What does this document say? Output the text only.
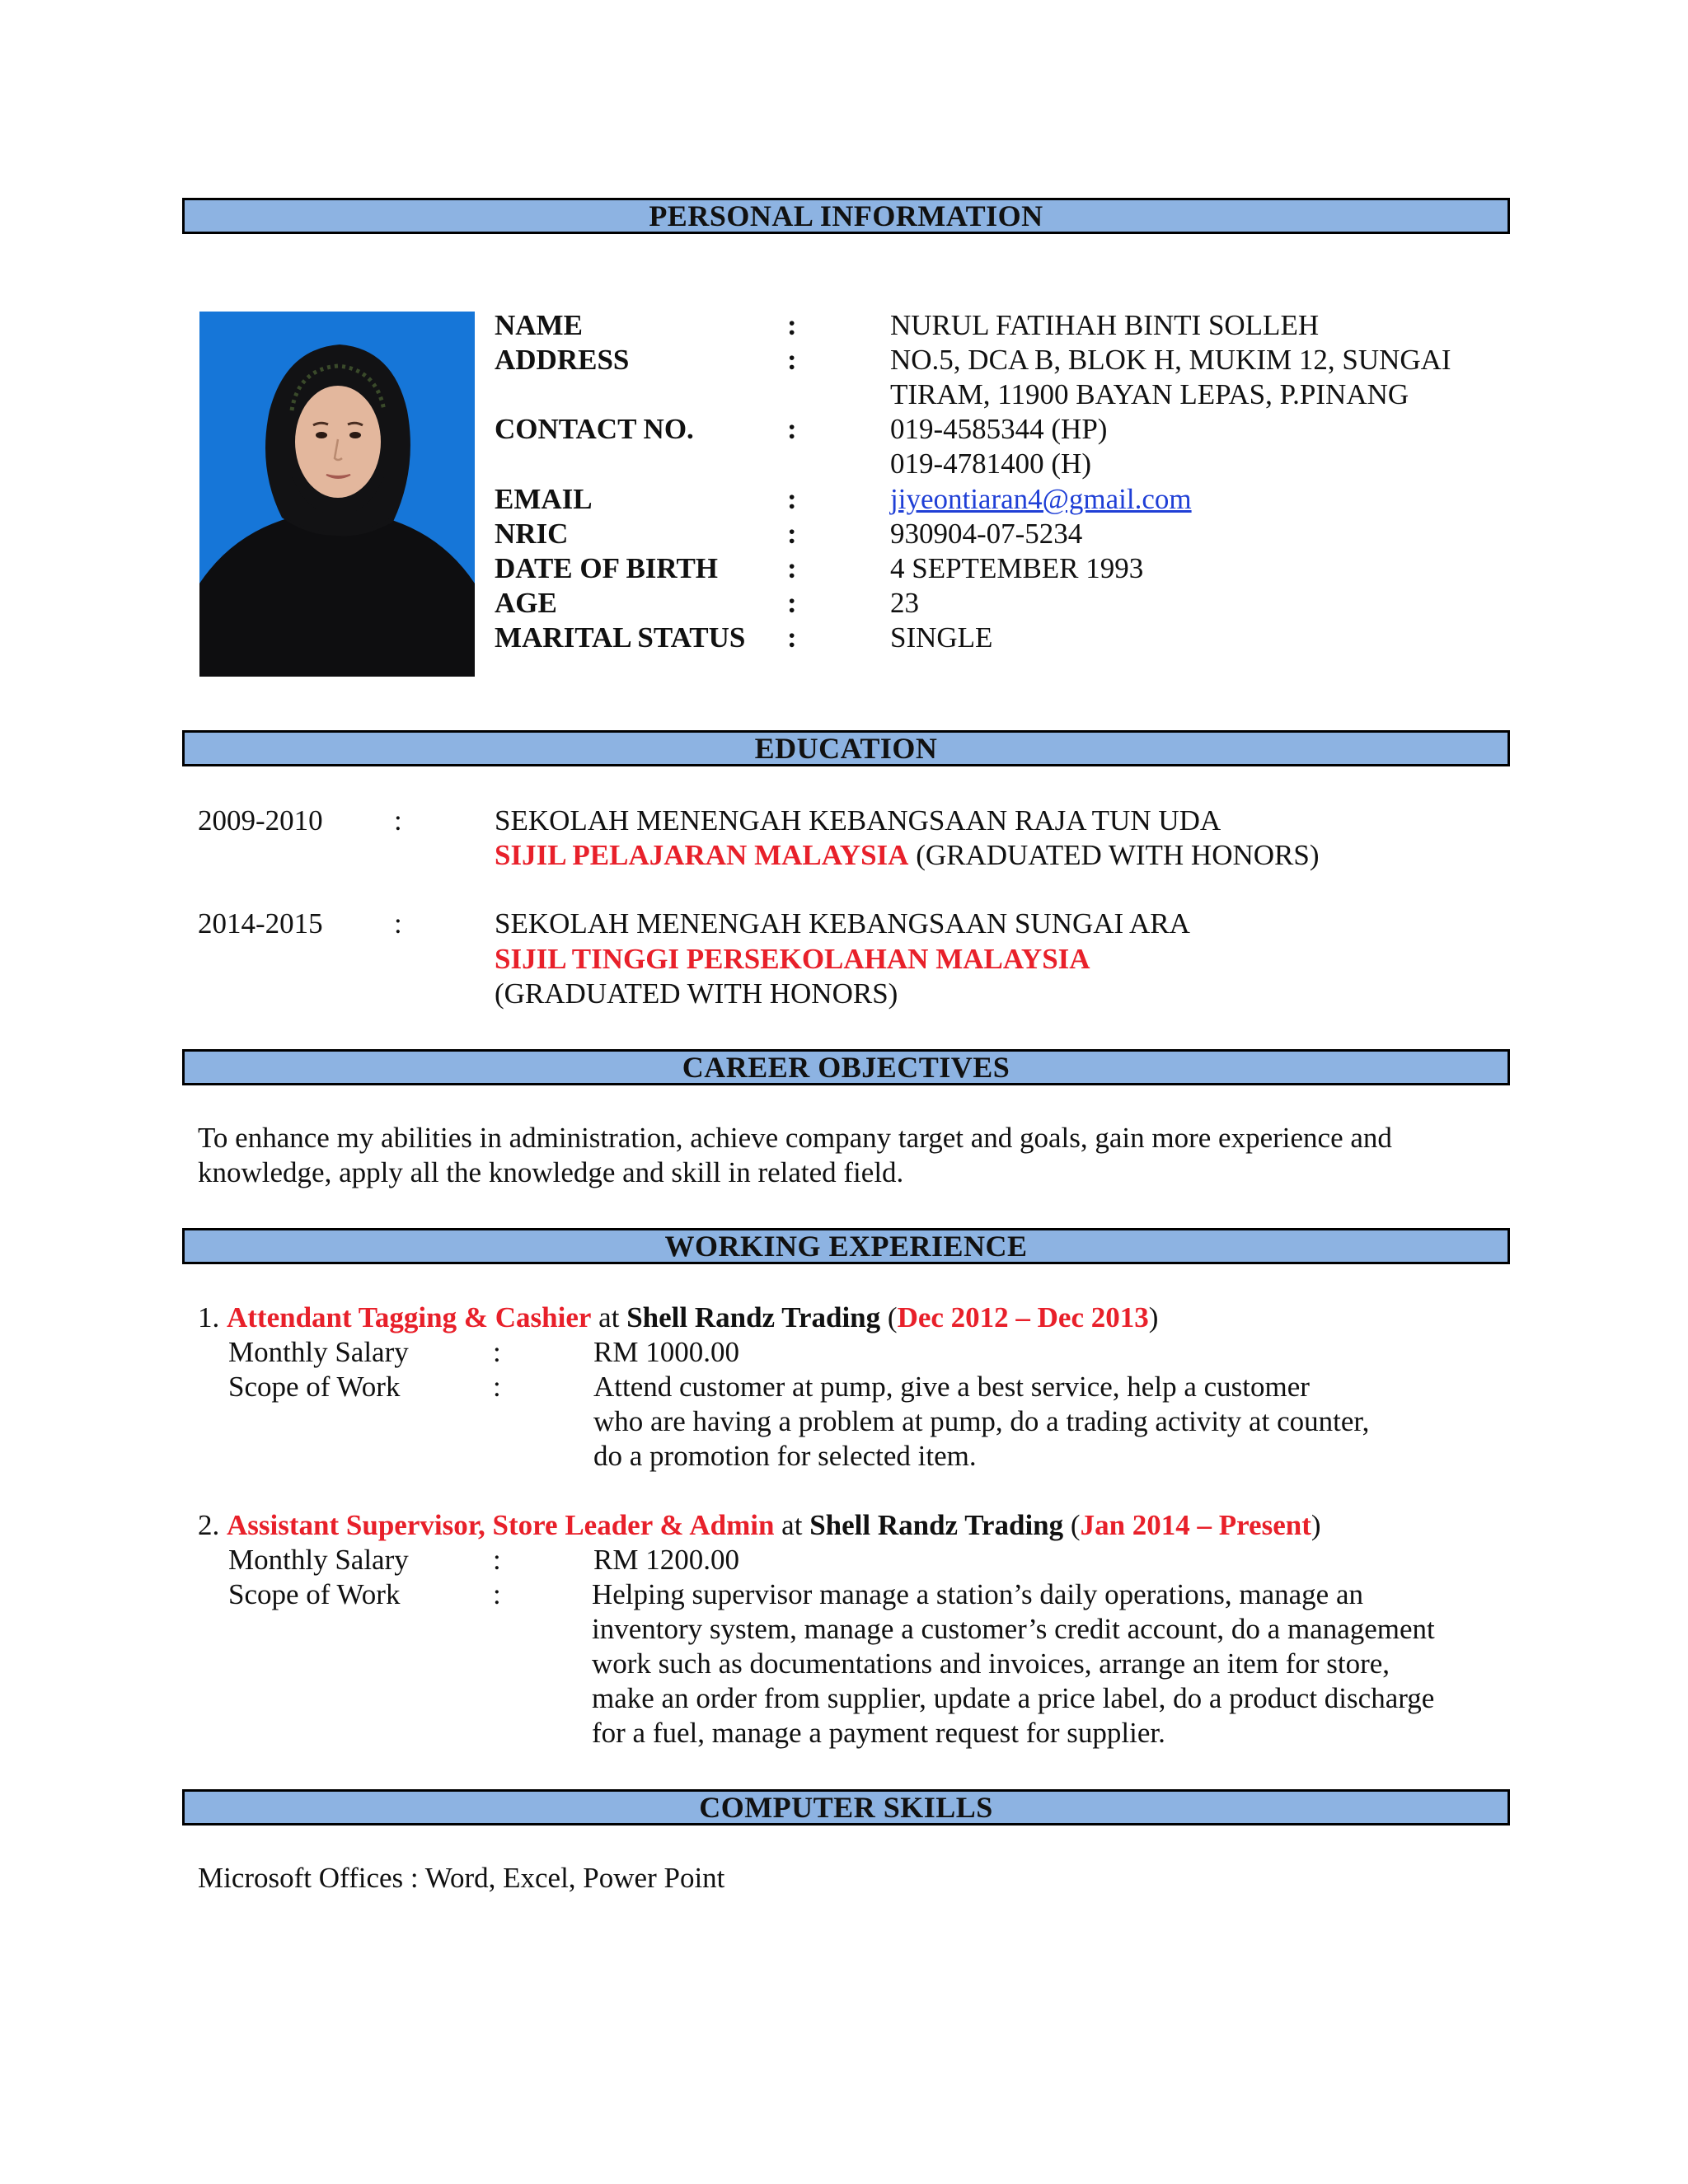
PERSONAL INFORMATION
NAME	:	NURUL FATIHAH BINTI SOLLEH
ADDRESS	:	NO.5, DCA B, BLOK H, MUKIM 12, SUNGAI
TIRAM, 11900 BAYAN LEPAS, P.PINANG
CONTACT NO.	:	019-4585344 (HP)
019-4781400 (H)
EMAIL	:	jiyeontiaran4@gmail.com
NRIC	:	930904-07-5234
DATE OF BIRTH :	4 SEPTEMBER 1993
AGE	:	23
MARITAL STATUS :	SINGLE
EDUCATION
2009-2010 :	SEKOLAH MENENGAH KEBANGSAAN RAJA TUN UDA
SIJIL PELAJARAN MALAYSIA (GRADUATED WITH HONORS)
2014-2015 :	SEKOLAH MENENGAH KEBANGSAAN SUNGAI ARA
SIJIL TINGGI PERSEKOLAHAN MALAYSIA
(GRADUATED WITH HONORS)
CAREER OBJECTIVES
To enhance my abilities in administration, achieve company target and goals, gain more experience and
knowledge, apply all the knowledge and skill in related field.
WORKING EXPERIENCE
1. Attendant Tagging & Cashier at Shell Randz Trading (Dec 2012 – Dec 2013)
Monthly Salary	:	RM 1000.00
Scope of Work	:	Attend customer at pump, give a best service, help a customer
who are having a problem at pump, do a trading activity at counter,
do a promotion for selected item.
2. Assistant Supervisor, Store Leader & Admin at Shell Randz Trading (Jan 2014 – Present)
Monthly Salary	:	RM 1200.00
Scope of Work	:	Helping supervisor manage a station’s daily operations, manage an
inventory system, manage a customer’s credit account, do a management
work such as documentations and invoices, arrange an item for store,
make an order from supplier, update a price label, do a product discharge
for a fuel, manage a payment request for supplier.
COMPUTER SKILLS
Microsoft Offices : Word, Excel, Power Point
